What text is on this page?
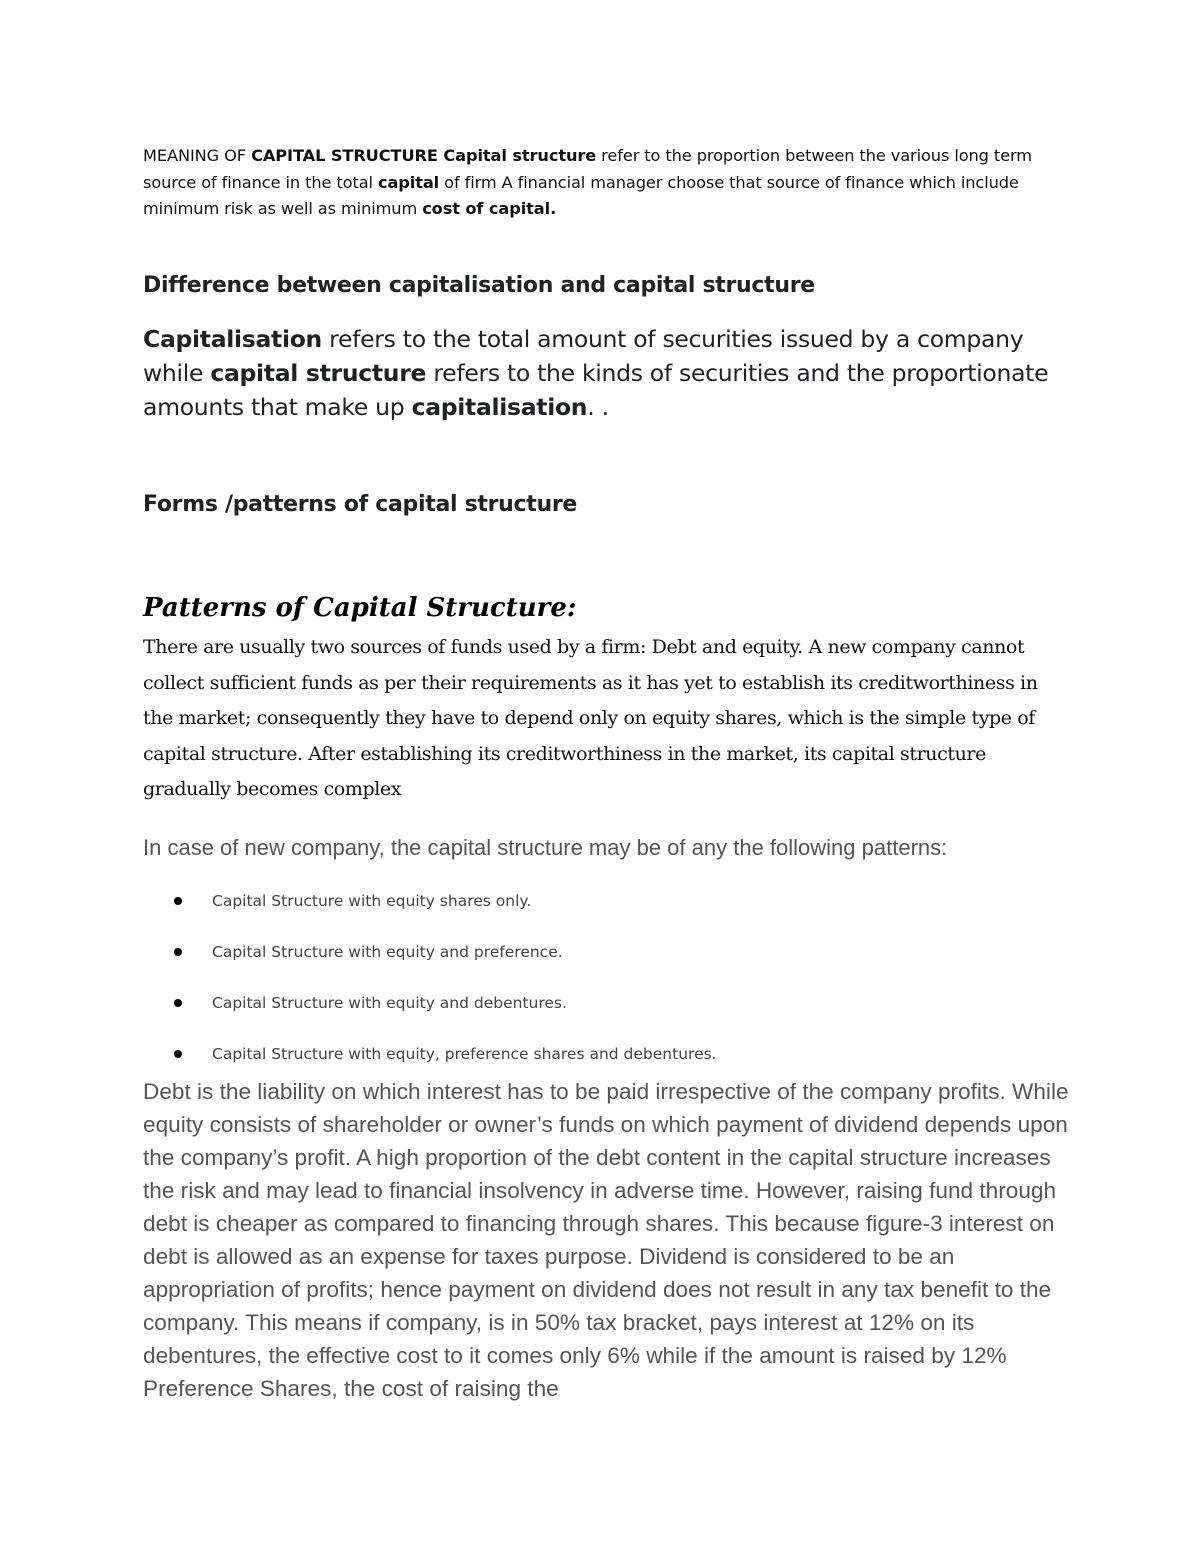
MEANING OF CAPITAL STRUCTURE Capital structure refer to the proportion between the various long term source of finance in the total capital of firm A financial manager choose that source of finance which include minimum risk as well as minimum cost of capital.

Difference between capitalisation and capital structure

Capitalisation refers to the total amount of securities issued by a company while capital structure refers to the kinds of securities and the proportionate amounts that make up capitalisation. .

Forms /patterns of capital structure
Patterns of Capital Structure:

There are usually two sources of funds used by a firm: Debt and equity. A new company cannot collect sufficient funds as per their requirements as it has yet to establish its creditworthiness in the market; consequently they have to depend only on equity shares, which is the simple type of capital structure. After establishing its creditworthiness in the market, its capital structure gradually becomes complex

In case of new company, the capital structure may be of any the following patterns:

Capital Structure with equity shares only.
Capital Structure with equity and preference.
Capital Structure with equity and debentures.
Capital Structure with equity, preference shares and debentures.

Debt is the liability on which interest has to be paid irrespective of the company profits. While equity consists of shareholder or owner’s funds on which payment of dividend depends upon the company’s profit. A high proportion of the debt content in the capital structure increases the risk and may lead to financial insolvency in adverse time. However, raising fund through debt is cheaper as compared to financing through shares. This because figure-3 interest on debt is allowed as an expense for taxes purpose. Dividend is considered to be an appropriation of profits; hence payment on dividend does not result in any tax benefit to the company. This means if company, is in 50% tax bracket, pays interest at 12% on its debentures, the effective cost to it comes only 6% while if the amount is raised by 12% Preference Shares, the cost of raising the
